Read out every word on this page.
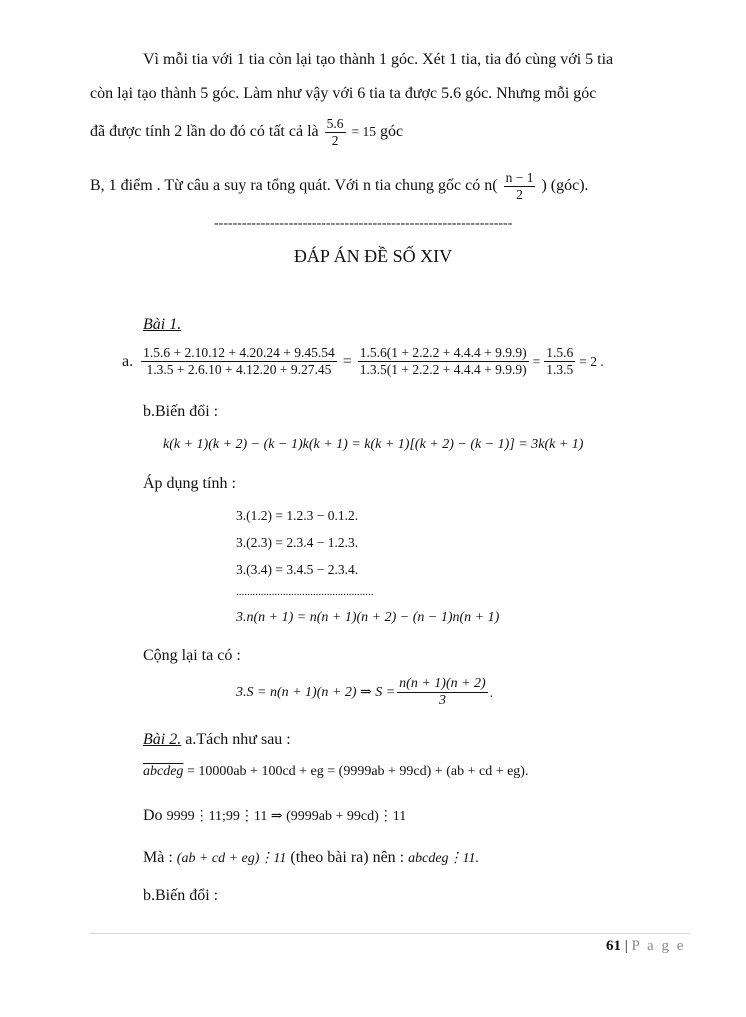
Vì mỗi tia với 1 tia còn lại tạo thành 1 góc. Xét 1 tia, tia đó cùng với 5 tia
còn lại tạo thành 5 góc. Làm như vậy với 6 tia ta được 5.6 góc. Nhưng mỗi góc
đã được tính 2 lần do đó có tất cả là $\frac{5.6}{2} = 15$ góc
B, 1 điểm . Từ câu a suy ra tổng quát. Với n tia chung gốc có $n( \frac{n - 1}{2}$ ) (góc).
----------------------------------------------------------------
ĐÁP ÁN ĐỀ SỐ XIV
Bài 1.
a. $\frac{1.5.6 + 2.10.12 + 4.20.24 + 9.45.54}{1.3.5 + 2.6.10 + 4.12.20 + 9.27.45} = \frac{1.5.6(1 + 2.2.2 + 4.4.4 + 9.9.9)}{1.3.5(1 + 2.2.2 + 4.4.4 + 9.9.9)} = \frac{1.5.6}{1.3.5} = 2$ .
b.Biến đổi :
k(k + 1)(k + 2) − (k − 1)k(k + 1) = k(k + 1)[(k + 2) − (k − 1)] = 3k(k + 1)
Áp dụng tính :
3.(1.2) = 1.2.3 − 0.1.2.
3.(2.3) = 2.3.4 − 1.2.3.
3.(3.4) = 3.4.5 − 2.3.4.
..................................................
3.n(n + 1) = n(n + 1)(n + 2) − (n − 1)n(n + 1)
Cộng lại ta có :
3.S = n(n + 1)(n + 2) ⇒ $S = \frac{n(n + 1)(n + 2)}{3}$ .
Bài 2. a.Tách như sau :
abcdeg = 10000ab + 100cd + eg = (9999ab + 99cd) + (ab + cd + eg).
Do 9999⋮11;99⋮11 ⇒ (9999ab + 99cd)⋮11
Mà : (ab + cd + eg)⋮11 (theo bài ra) nên : abcdeg⋮11.
b.Biến đổi :
61 | P a g e
